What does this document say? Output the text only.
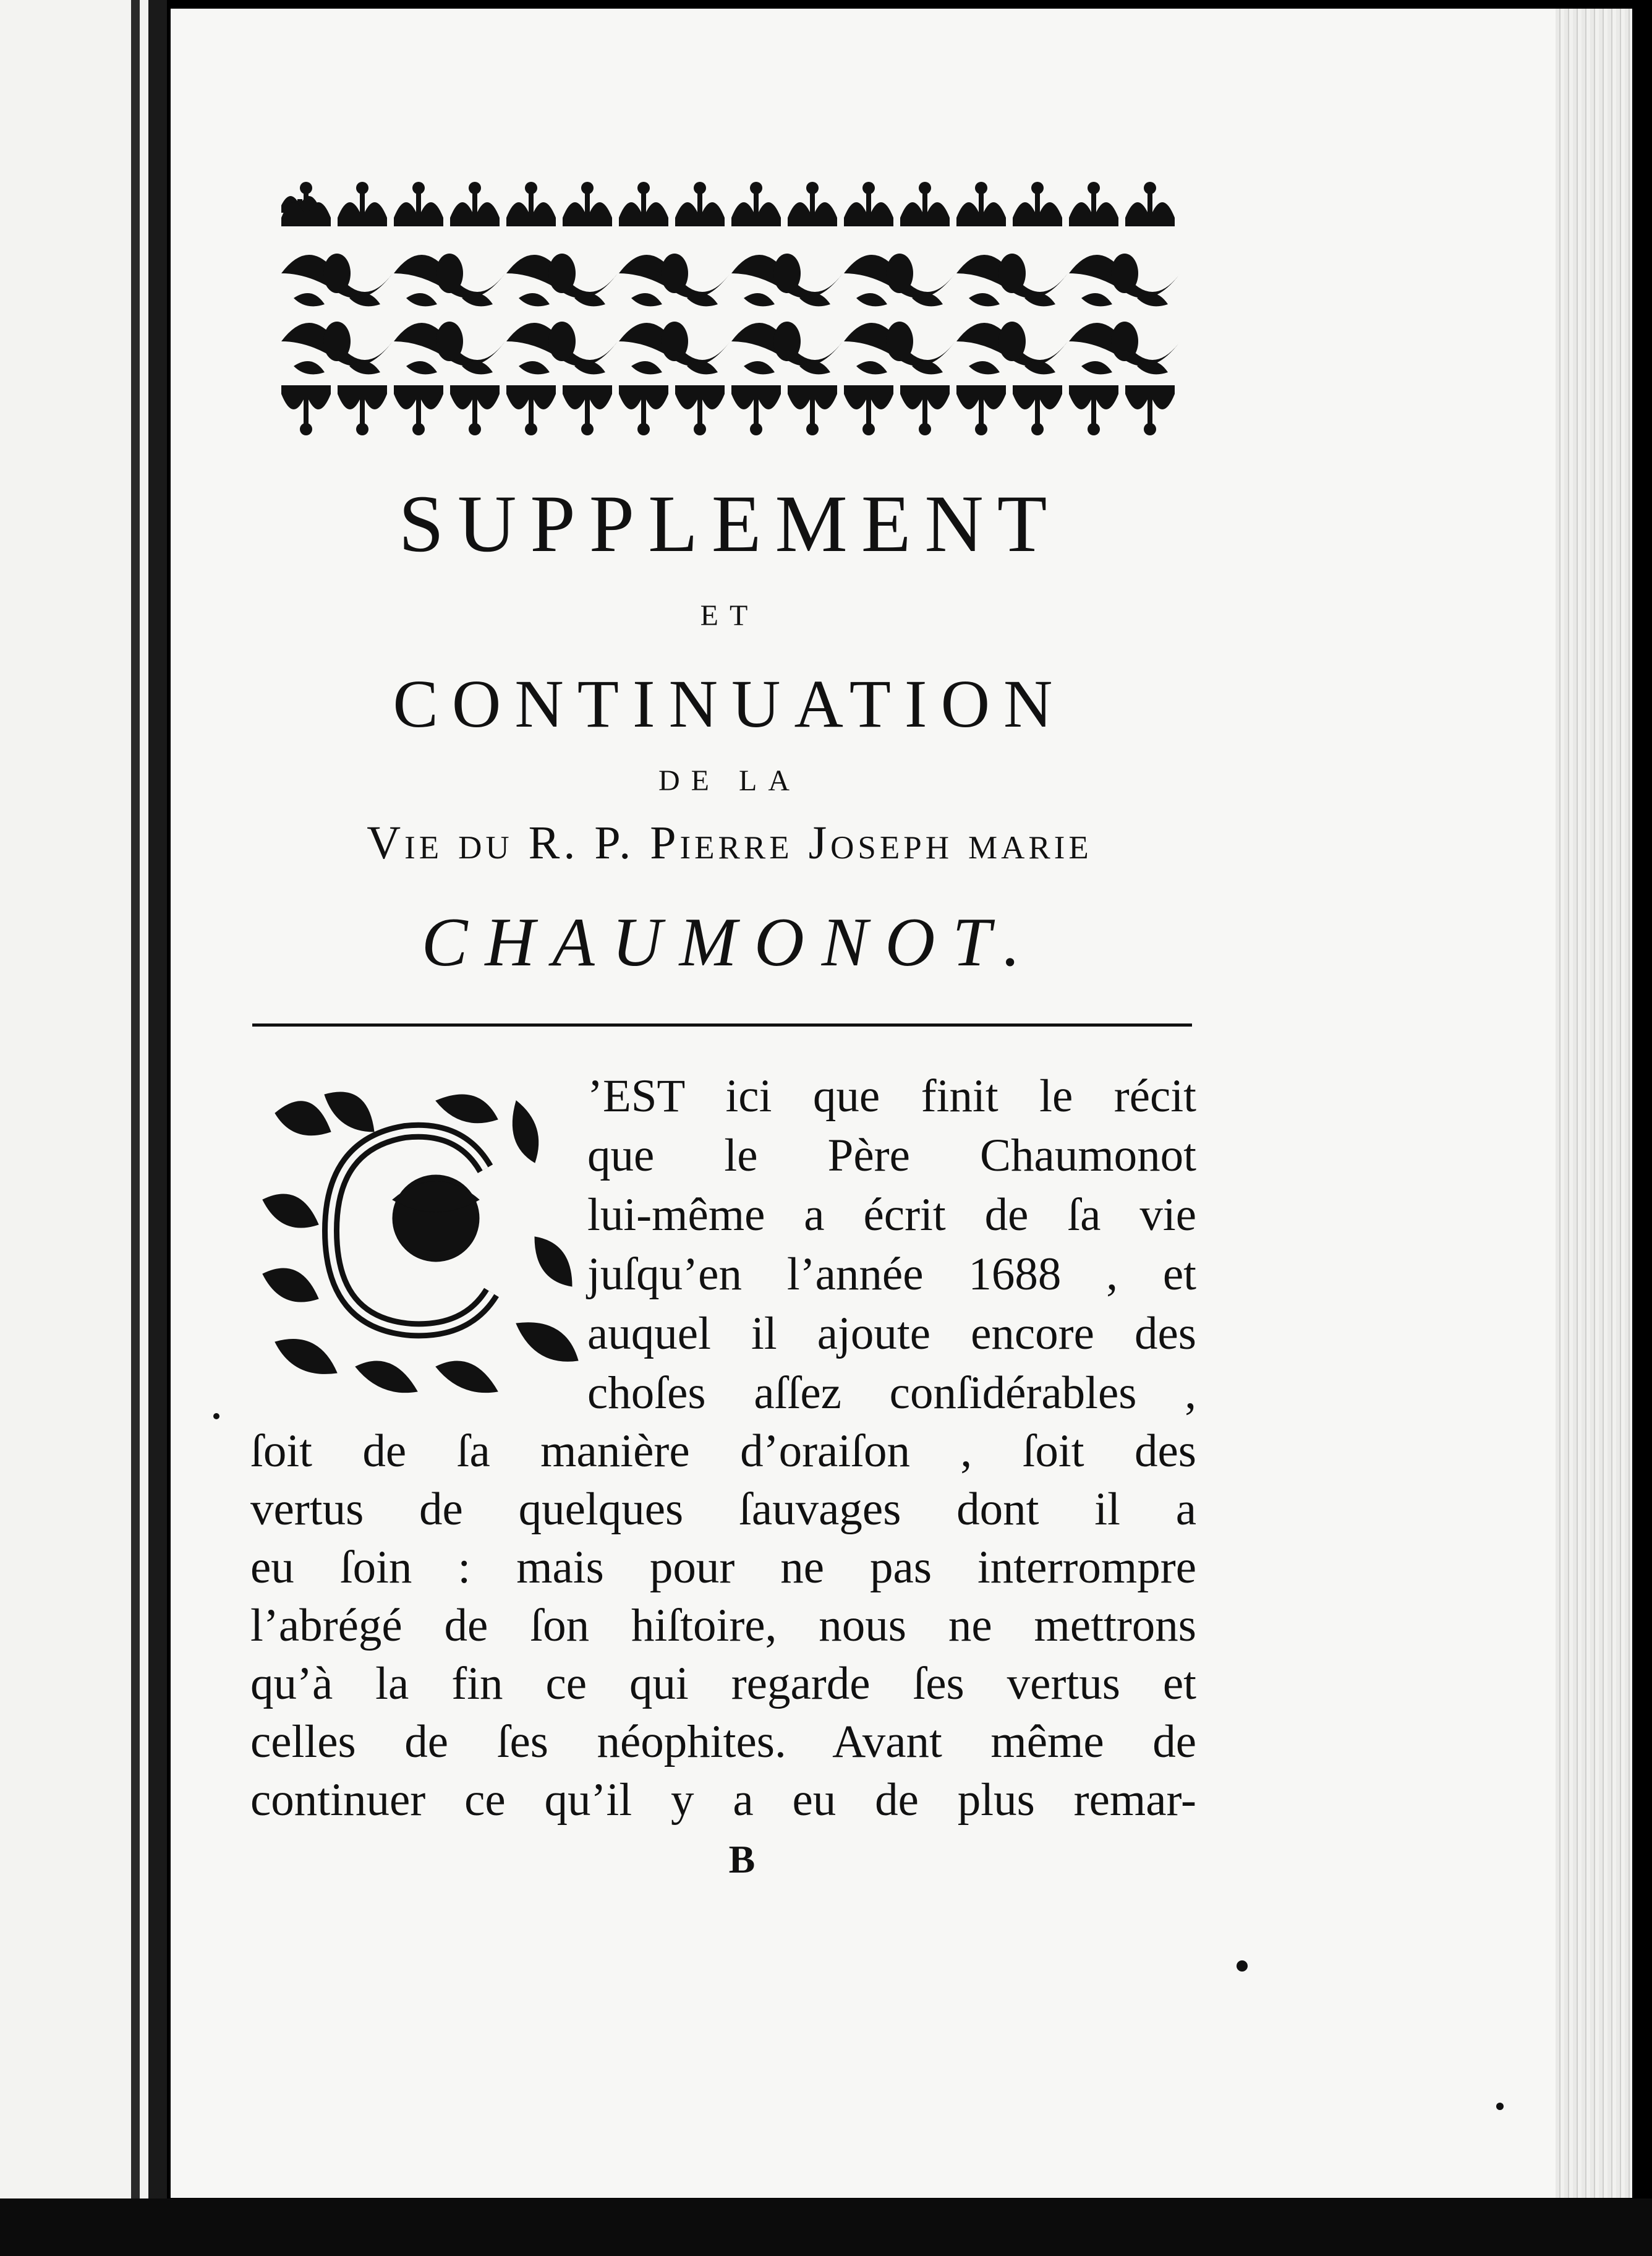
SUPPLEMENT
ET
CONTINUATION
DE LA
Vie du R. P. Pierre Joseph marie
CHAUMONOT.
’EST ici que finit le récit
que le Père Chaumonot
lui-même a écrit de ſa vie
juſqu’en l’année 1688 , et
auquel il ajoute encore des
choſes aſſez conſidérables ,
ſoit de ſa manière d’oraiſon , ſoit des
vertus de quelques ſauvages dont il a
eu ſoin : mais pour ne pas interrompre
l’abrégé de ſon hiſtoire, nous ne mettrons
qu’à la fin ce qui regarde ſes vertus et
celles de ſes néophites. Avant même de
continuer ce qu’il y a eu de plus remar-
B
